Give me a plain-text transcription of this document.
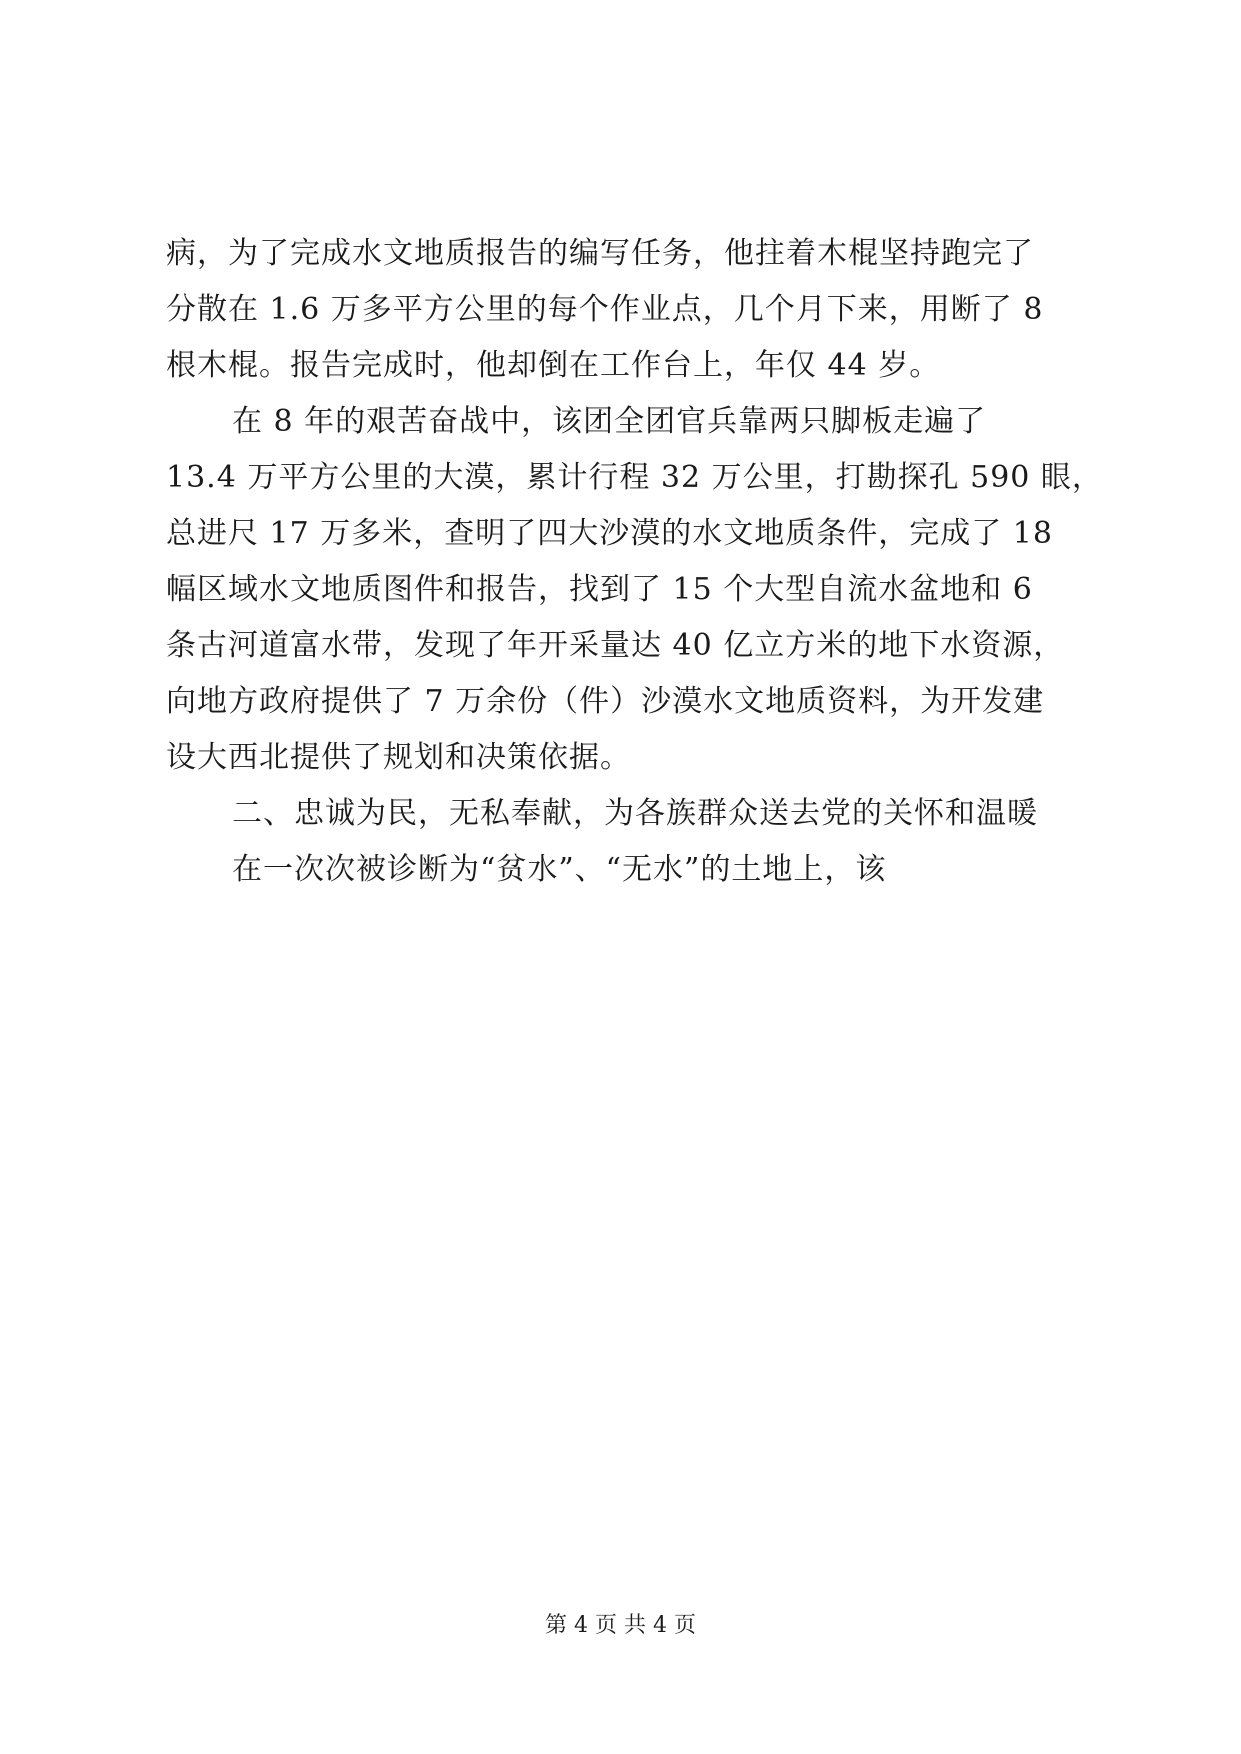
病，为了完成水文地质报告的编写任务，他拄着木棍坚持跑完了
分散在 1.6 万多平方公里的每个作业点，几个月下来，用断了 8
根木棍。报告完成时，他却倒在工作台上，年仅 44 岁。
在 8 年的艰苦奋战中，该团全团官兵靠两只脚板走遍了
13.4 万平方公里的大漠，累计行程 32 万公里，打勘探孔 590 眼，
总进尺 17 万多米，查明了四大沙漠的水文地质条件，完成了 18
幅区域水文地质图件和报告，找到了 15 个大型自流水盆地和 6
条古河道富水带，发现了年开采量达 40 亿立方米的地下水资源，
向地方政府提供了 7 万余份（件）沙漠水文地质资料，为开发建
设大西北提供了规划和决策依据。
二、忠诚为民，无私奉献，为各族群众送去党的关怀和温暖
在一次次被诊断为“贫水”、“无水”的土地上，该
第 4 页 共 4 页
